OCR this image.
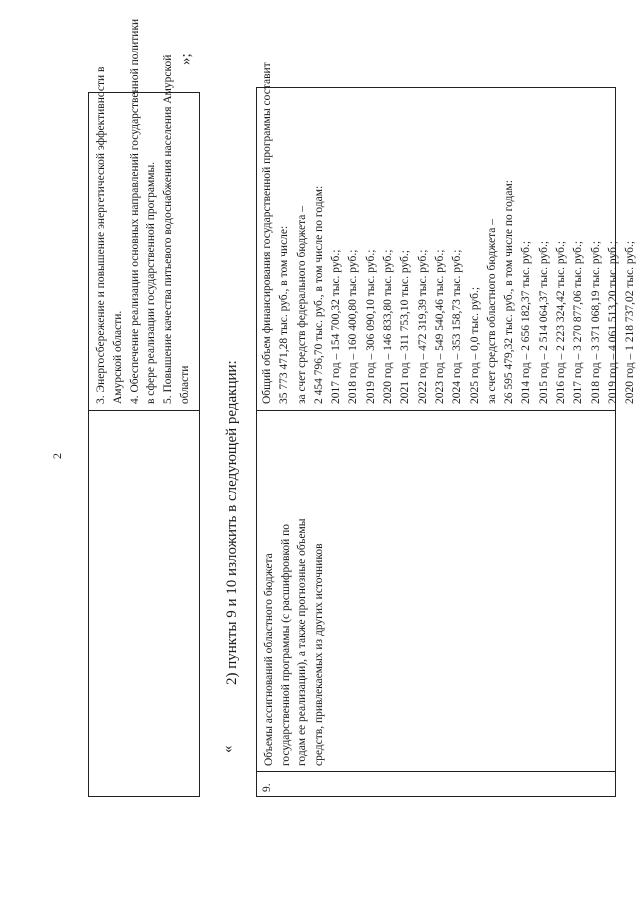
2
3. Энергосбережение и повышение энергетической эффективности в Амурской области. 4. Обеспечение реализации основных направлений государственной политики в сфере реализации государственной программы. 5. Повышение качества питьевого водоснабжения населения Амурской области
»;
«
2) пункты 9 и 10 изложить в следующей редакции:
9.
Объемы ассигнований областного бюджета государственной программы (с расшифровкой по годам ее реализации), а также прогнозные объемы средств, привлекаемых из других источников
Общий объем финансирования государственной программы составит 35 773 471,28 тыс. руб., в том числе: за счет средств федерального бюджета – 2 454 796,70 тыс. руб., в том числе по годам: 2017 год – 154 700,32 тыс. руб.; 2018 год – 160 400,80 тыс. руб.; 2019 год – 306 090,10 тыс. руб.; 2020 год – 146 833,80 тыс. руб.; 2021 год – 311 753,10 тыс. руб.; 2022 год – 472 319,39 тыс. руб.; 2023 год – 549 540,46 тыс. руб.; 2024 год – 353 158,73 тыс. руб.; 2025 год – 0,0 тыс. руб.; за счет средств областного бюджета – 26 595 479,32 тыс. руб., в том числе по годам: 2014 год – 2 656 182,37 тыс. руб.; 2015 год – 2 514 064,37 тыс. руб.; 2016 год – 2 223 324,42 тыс. руб.; 2017 год – 3 270 877,06 тыс. руб.; 2018 год – 3 371 068,19 тыс. руб.; 2019 год – 4 061 513,20 тыс. руб.; 2020 год – 1 218 737,02 тыс. руб.;
